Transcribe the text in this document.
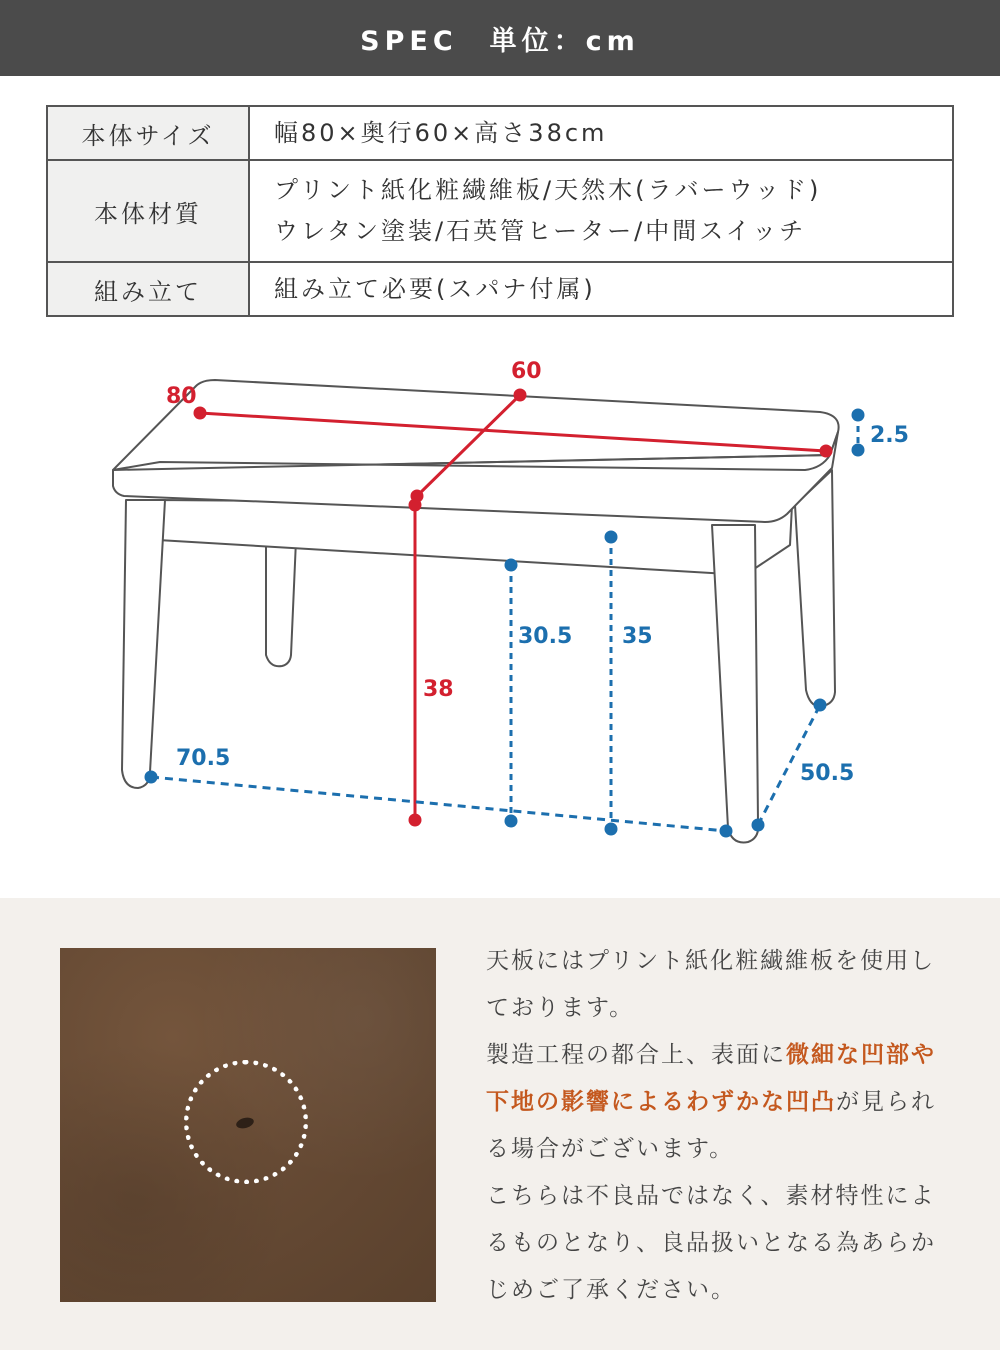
SPEC　単位：cm
本体サイズ	幅80×奥行60×高さ38cm

本体材質	プリント紙化粧繊維板/天然木(ラバーウッド)
ウレタン塗装/石英管ヒーター/中間スイッチ

組み立て	組み立て必要(スパナ付属)
80
60
38
2.5
30.5 35
70.5
50.5

天板にはプリント紙化粧繊維板を使用しております。

製造工程の都合上、表面に微細な凹部や下地の影響によるわずかな凹凸が見られる場合がございます。

こちらは不良品ではなく、素材特性によるものとなり、良品扱いとなる為あらかじめご了承ください。
